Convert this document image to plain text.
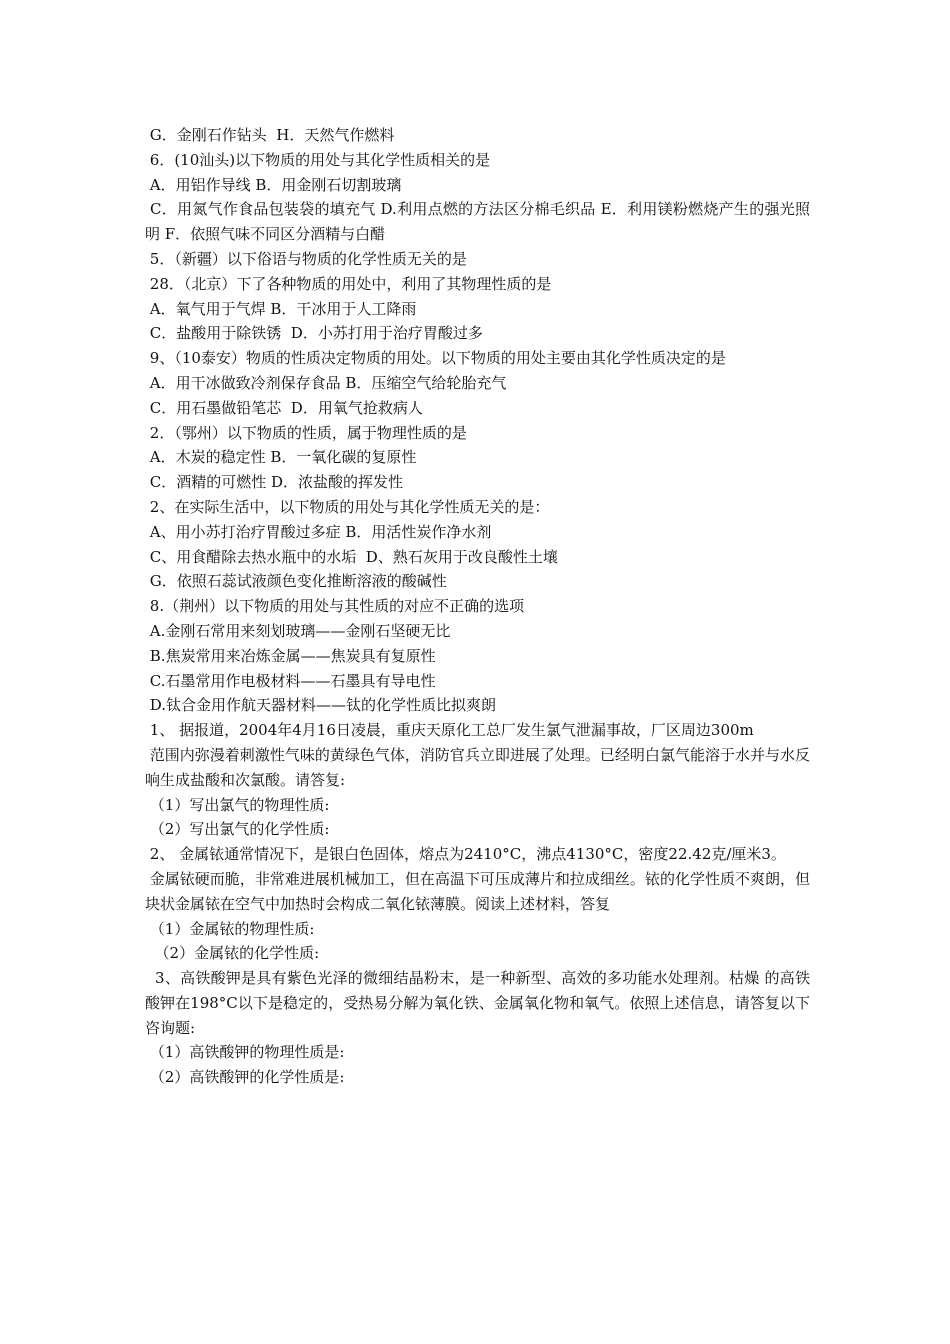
G．金刚石作钻头  H．天然气作燃料
6．(10汕头)以下物质的用处与其化学性质相关的是
A．用铝作导线 B．用金刚石切割玻璃
C．用氮气作食品包装袋的填充气 D.利用点燃的方法区分棉毛织品 E．利用镁粉燃烧产生的强光照明 F．依照气味不同区分酒精与白醋
5．（新疆）以下俗语与物质的化学性质无关的是
28．（北京）下了各种物质的用处中，利用了其物理性质的是
A．氧气用于气焊 B．干冰用于人工降雨
C．盐酸用于除铁锈  D．小苏打用于治疗胃酸过多
9、（10泰安）物质的性质决定物质的用处。以下物质的用处主要由其化学性质决定的是
A．用干冰做致冷剂保存食品 B．压缩空气给轮胎充气
C．用石墨做铅笔芯  D．用氧气抢救病人
2．（鄂州）以下物质的性质，属于物理性质的是
A．木炭的稳定性 B．一氧化碳的复原性
C．酒精的可燃性 D．浓盐酸的挥发性
2、在实际生活中，以下物质的用处与其化学性质无关的是：
A、用小苏打治疗胃酸过多症 B．用活性炭作净水剂
C、用食醋除去热水瓶中的水垢  D、熟石灰用于改良酸性土壤
G．依照石蕊试液颜色变化推断溶液的酸碱性
8.（荆州）以下物质的用处与其性质的对应不正确的选项
A.金刚石常用来刻划玻璃——金刚石坚硬无比
B.焦炭常用来冶炼金属——焦炭具有复原性
C.石墨常用作电极材料——石墨具有导电性
D.钛合金用作航天器材料——钛的化学性质比拟爽朗
1、 据报道，2004年4月16日凌晨，重庆天原化工总厂发生氯气泄漏事故，厂区周边300m
范围内弥漫着刺激性气味的黄绿色气体，消防官兵立即进展了处理。已经明白氯气能溶于水并与水反响生成盐酸和次氯酸。请答复:
（1）写出氯气的物理性质:
（2）写出氯气的化学性质:
2、 金属铱通常情况下，是银白色固体，熔点为2410°C，沸点4130°C，密度22.42克/厘米3。
金属铱硬而脆，非常难进展机械加工，但在高温下可压成薄片和拉成细丝。铱的化学性质不爽朗，但块状金属铱在空气中加热时会构成二氧化铱薄膜。阅读上述材料，答复
（1）金属铱的物理性质:
（2）金属铱的化学性质:
3、高铁酸钾是具有紫色光泽的微细结晶粉末，是一种新型、高效的多功能水处理剂。枯燥 的高铁酸钾在198°C以下是稳定的，受热易分解为氧化铁、金属氧化物和氧气。依照上述信息，请答复以下咨询题:
（1）高铁酸钾的物理性质是:
（2）高铁酸钾的化学性质是:
